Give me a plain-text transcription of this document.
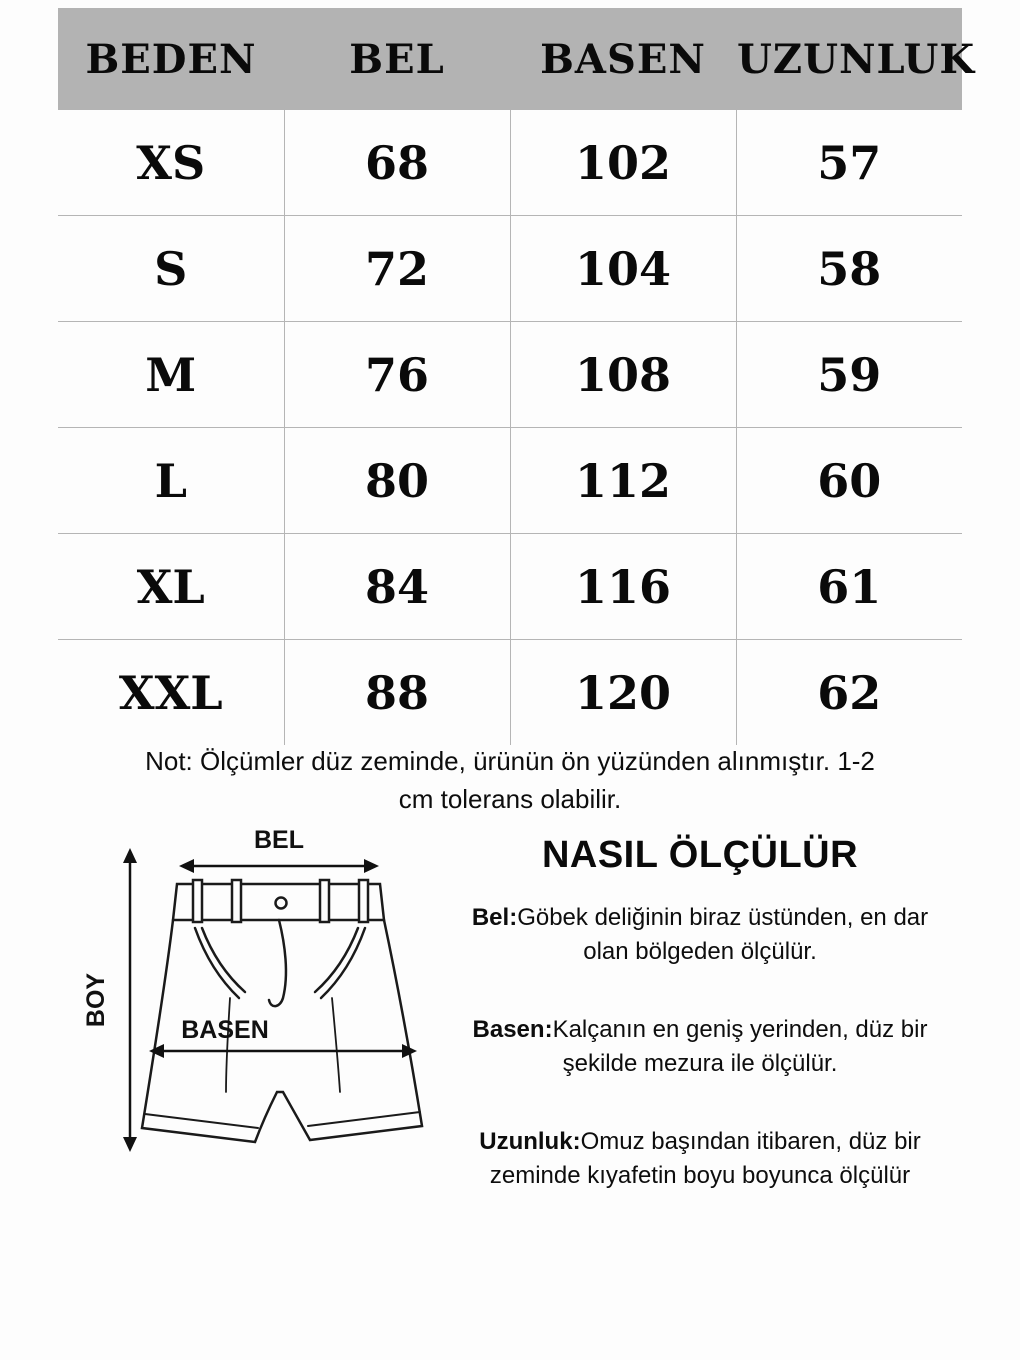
BEDEN	BEL	BASEN	UZUNLUK
XS	68	102	57
S	72	104	58
M	76	108	59
L	80	112	60
XL	84	116	61
XXL	88	120	62
Not: Ölçümler düz zeminde, ürünün ön yüzünden alınmıştır. 1-2
cm tolerans olabilir.
BEL
BOY
BASEN
NASIL ÖLÇÜLÜR

Bel:Göbek deliğinin biraz üstünden, en dar olan bölgeden ölçülür.

Basen:Kalçanın en geniş yerinden, düz bir şekilde mezura ile ölçülür.

Uzunluk:Omuz başından itibaren, düz bir zeminde kıyafetin boyu boyunca ölçülür
